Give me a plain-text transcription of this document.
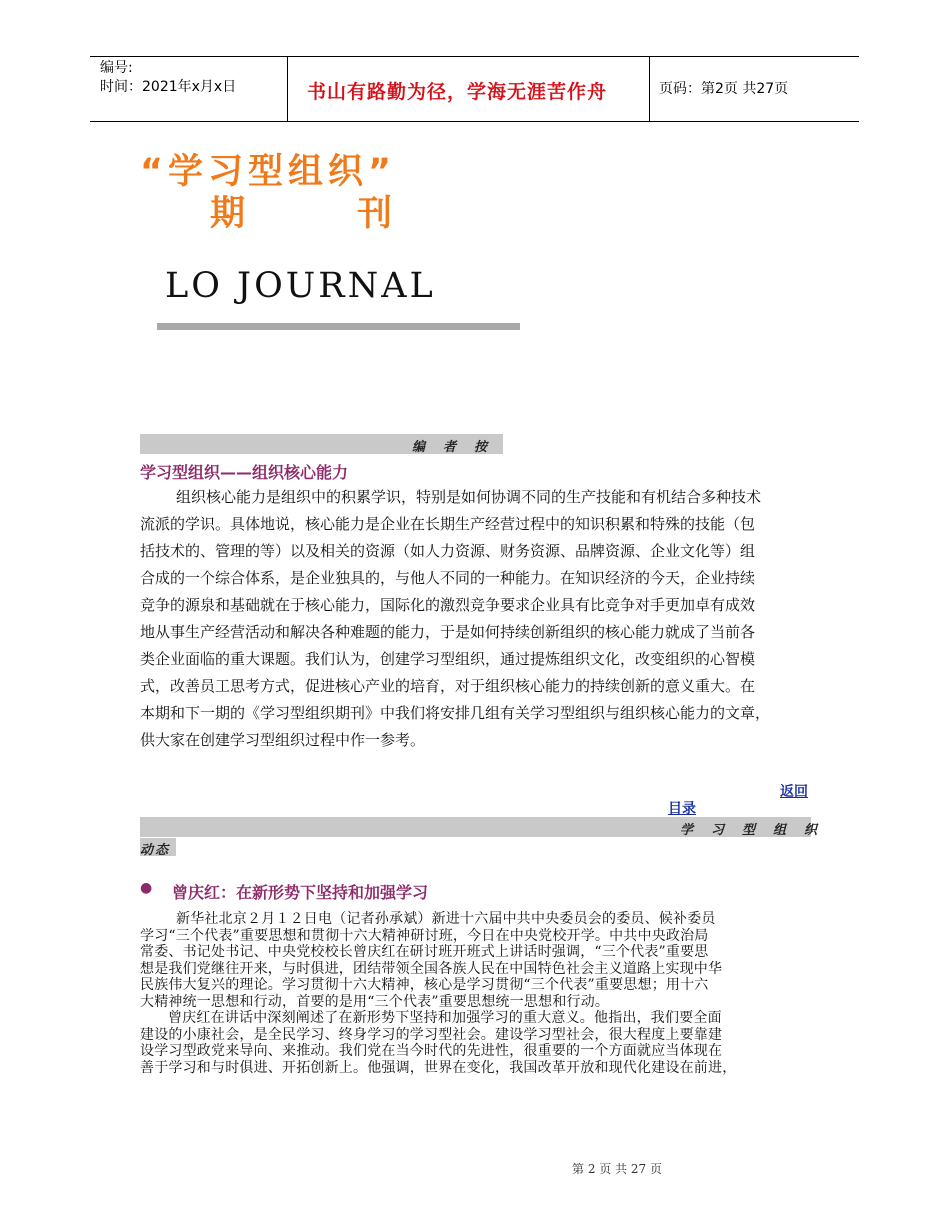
编号:
时间：2021年x月x日	书山有路勤为径，学海无涯苦作舟	页码：第2页 共27页
“学习型组织”
期　　刊
LO JOURNAL
编者按
学习型组织——组织核心能力
组织核心能力是组织中的积累学识，特别是如何协调不同的生产技能和有机结合多种技术
流派的学识。具体地说，核心能力是企业在长期生产经营过程中的知识积累和特殊的技能（包
括技术的、管理的等）以及相关的资源（如人力资源、财务资源、品牌资源、企业文化等）组
合成的一个综合体系，是企业独具的，与他人不同的一种能力。在知识经济的今天，企业持续
竞争的源泉和基础就在于核心能力，国际化的激烈竞争要求企业具有比竞争对手更加卓有成效
地从事生产经营活动和解决各种难题的能力，于是如何持续创新组织的核心能力就成了当前各
类企业面临的重大课题。我们认为，创建学习型组织，通过提炼组织文化，改变组织的心智模
式，改善员工思考方式，促进核心产业的培育，对于组织核心能力的持续创新的意义重大。在
本期和下一期的《学习型组织期刊》中我们将安排几组有关学习型组织与组织核心能力的文章，
供大家在创建学习型组织过程中作一参考。
返回
目录
学习型组织
动态
● 曾庆红：在新形势下坚持和加强学习
新华社北京２月１２日电（记者孙承斌）新进十六届中共中央委员会的委员、候补委员
学习“三个代表”重要思想和贯彻十六大精神研讨班，今日在中央党校开学。中共中央政治局
常委、书记处书记、中央党校校长曾庆红在研讨班开班式上讲话时强调，“三个代表”重要思
想是我们党继往开来，与时俱进，团结带领全国各族人民在中国特色社会主义道路上实现中华
民族伟大复兴的理论。学习贯彻十六大精神，核心是学习贯彻“三个代表”重要思想；用十六
大精神统一思想和行动，首要的是用“三个代表”重要思想统一思想和行动。
曾庆红在讲话中深刻阐述了在新形势下坚持和加强学习的重大意义。他指出，我们要全面
建设的小康社会，是全民学习、终身学习的学习型社会。建设学习型社会，很大程度上要靠建
设学习型政党来导向、来推动。我们党在当今时代的先进性，很重要的一个方面就应当体现在
善于学习和与时俱进、开拓创新上。他强调，世界在变化，我国改革开放和现代化建设在前进，
第 2 页 共 27 页
